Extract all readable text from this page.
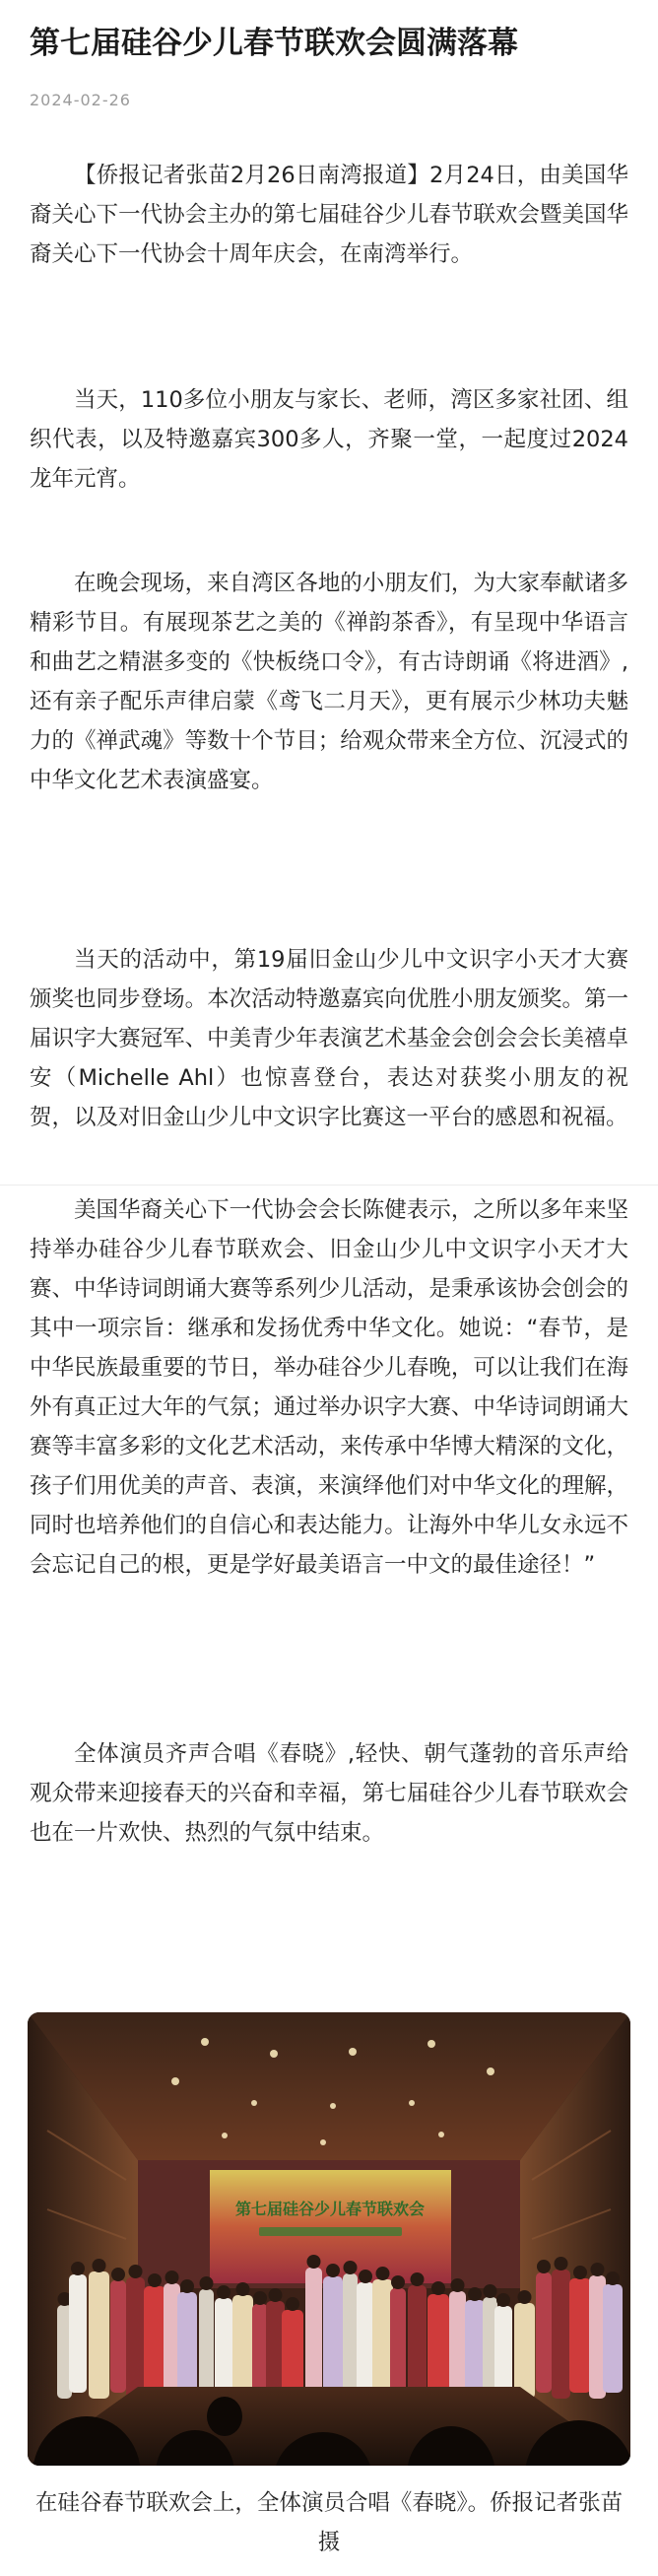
第七届硅谷少儿春节联欢会圆满落幕
2024-02-26

【侨报记者张苗2月26日南湾报道】2月24日，由美国华裔关心下一代协会主办的第七届硅谷少儿春节联欢会暨美国华裔关心下一代协会十周年庆会，在南湾举行。

当天，110多位小朋友与家长、老师，湾区多家社团、组织代表，以及特邀嘉宾300多人，齐聚一堂，一起度过2024龙年元宵。

在晚会现场，来自湾区各地的小朋友们，为大家奉献诸多精彩节目。有展现茶艺之美的《禅韵茶香》，有呈现中华语言和曲艺之精湛多变的《快板绕口令》，有古诗朗诵《将进酒》,还有亲子配乐声律启蒙《鸢飞二月天》，更有展示少林功夫魅力的《禅武魂》等数十个节目；给观众带来全方位、沉浸式的中华文化艺术表演盛宴。

当天的活动中，第19届旧金山少儿中文识字小天才大赛颁奖也同步登场。本次活动特邀嘉宾向优胜小朋友颁奖。第一届识字大赛冠军、中美青少年表演艺术基金会创会会长美禧卓安（Michelle Ahl）也惊喜登台，表达对获奖小朋友的祝贺，以及对旧金山少儿中文识字比赛这一平台的感恩和祝福。

美国华裔关心下一代协会会长陈健表示，之所以多年来坚持举办硅谷少儿春节联欢会、旧金山少儿中文识字小天才大赛、中华诗词朗诵大赛等系列少儿活动，是秉承该协会创会的其中一项宗旨：继承和发扬优秀中华文化。她说：“春节，是中华民族最重要的节日，举办硅谷少儿春晚，可以让我们在海外有真正过大年的气氛；通过举办识字大赛、中华诗词朗诵大赛等丰富多彩的文化艺术活动，来传承中华博大精深的文化，孩子们用优美的声音、表演，来演绎他们对中华文化的理解，同时也培养他们的自信心和表达能力。让海外中华儿女永远不会忘记自己的根，更是学好最美语言一中文的最佳途径！”

全体演员齐声合唱《春晓》,轻快、朝气蓬勃的音乐声给观众带来迎接春天的兴奋和幸福，第七届硅谷少儿春节联欢会也在一片欢快、热烈的气氛中结束。

第七届硅谷少儿春节联欢会

在硅谷春节联欢会上，全体演员合唱《春晓》。侨报记者张苗摄
